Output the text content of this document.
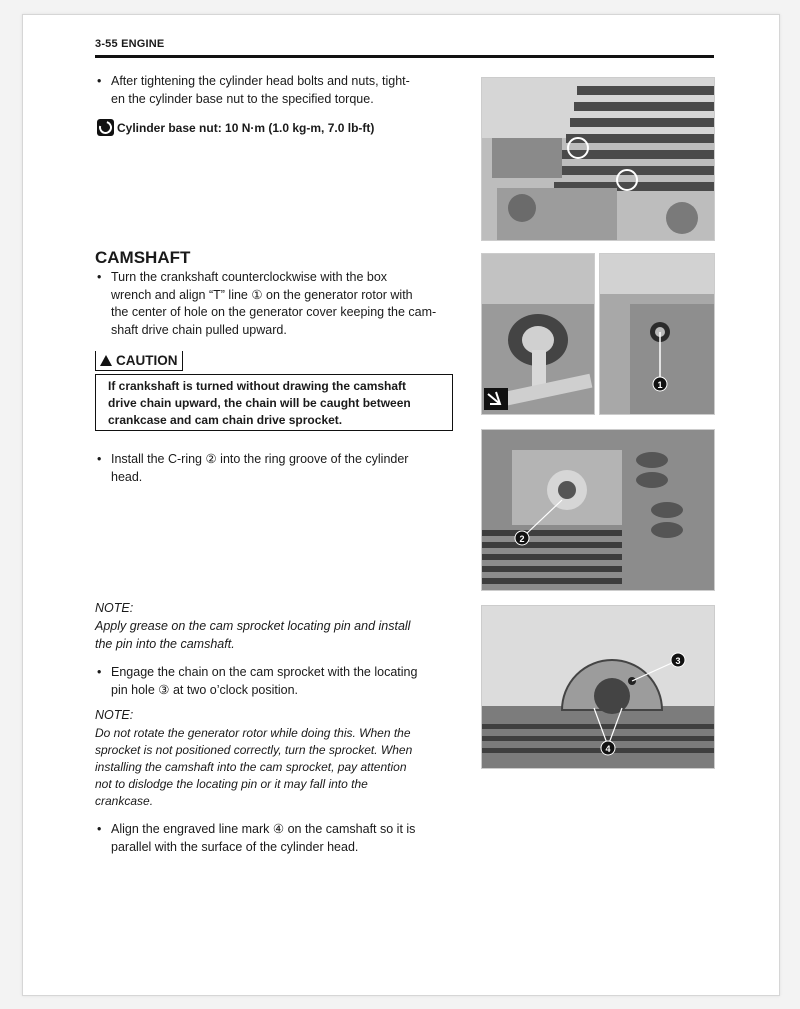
3-55 ENGINE
• After tightening the cylinder head bolts and nuts, tight-
en the cylinder base nut to the specified torque.
Cylinder base nut: 10 N·m (1.0 kg-m, 7.0 lb-ft)
CAMSHAFT
• Turn the crankshaft counterclockwise with the box
wrench and align “T” line ① on the generator rotor with
the center of hole on the generator cover keeping the cam-
shaft drive chain pulled upward.
CAUTION
If crankshaft is turned without drawing the camshaft
drive chain upward, the chain will be caught between
crankcase and cam chain drive sprocket.
• Install the C-ring ② into the ring groove of the cylinder
head.
NOTE:
Apply grease on the cam sprocket locating pin and install
the pin into the camshaft.
• Engage the chain on the cam sprocket with the locating
pin hole ③ at two o’clock position.
NOTE:
Do not rotate the generator rotor while doing this. When the
sprocket is not positioned correctly, turn the sprocket. When
installing the camshaft into the cam sprocket, pay attention
not to dislodge the locating pin or it may fall into the
crankcase.
• Align the engraved line mark ④ on the camshaft so it is
parallel with the surface of the cylinder head.
1
2
3
4
